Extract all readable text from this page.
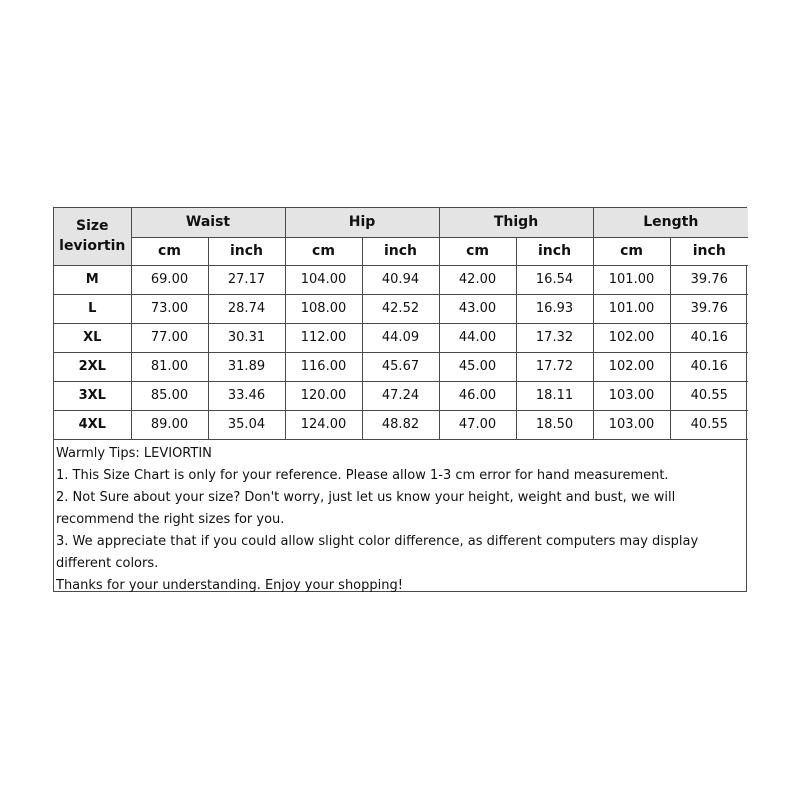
Size
leviortin	Waist		Hip		Thigh		Length	
	cm	inch	cm	inch	cm	inch	cm	inch
M	69.00	27.17	104.00	40.94	42.00	16.54	101.00	39.76
L	73.00	28.74	108.00	42.52	43.00	16.93	101.00	39.76
XL	77.00	30.31	112.00	44.09	44.00	17.32	102.00	40.16
2XL	81.00	31.89	116.00	45.67	45.00	17.72	102.00	40.16
3XL	85.00	33.46	120.00	47.24	46.00	18.11	103.00	40.55
4XL	89.00	35.04	124.00	48.82	47.00	18.50	103.00	40.55
Warmly Tips: LEVIORTIN
1. This Size Chart is only for your reference. Please allow 1-3 cm error for hand measurement.
2. Not Sure about your size? Don't worry, just let us know your height, weight and bust, we will recommend the right sizes for you.
3. We appreciate that if you could allow slight color difference, as different computers may display different colors.
Thanks for your understanding. Enjoy your shopping!
